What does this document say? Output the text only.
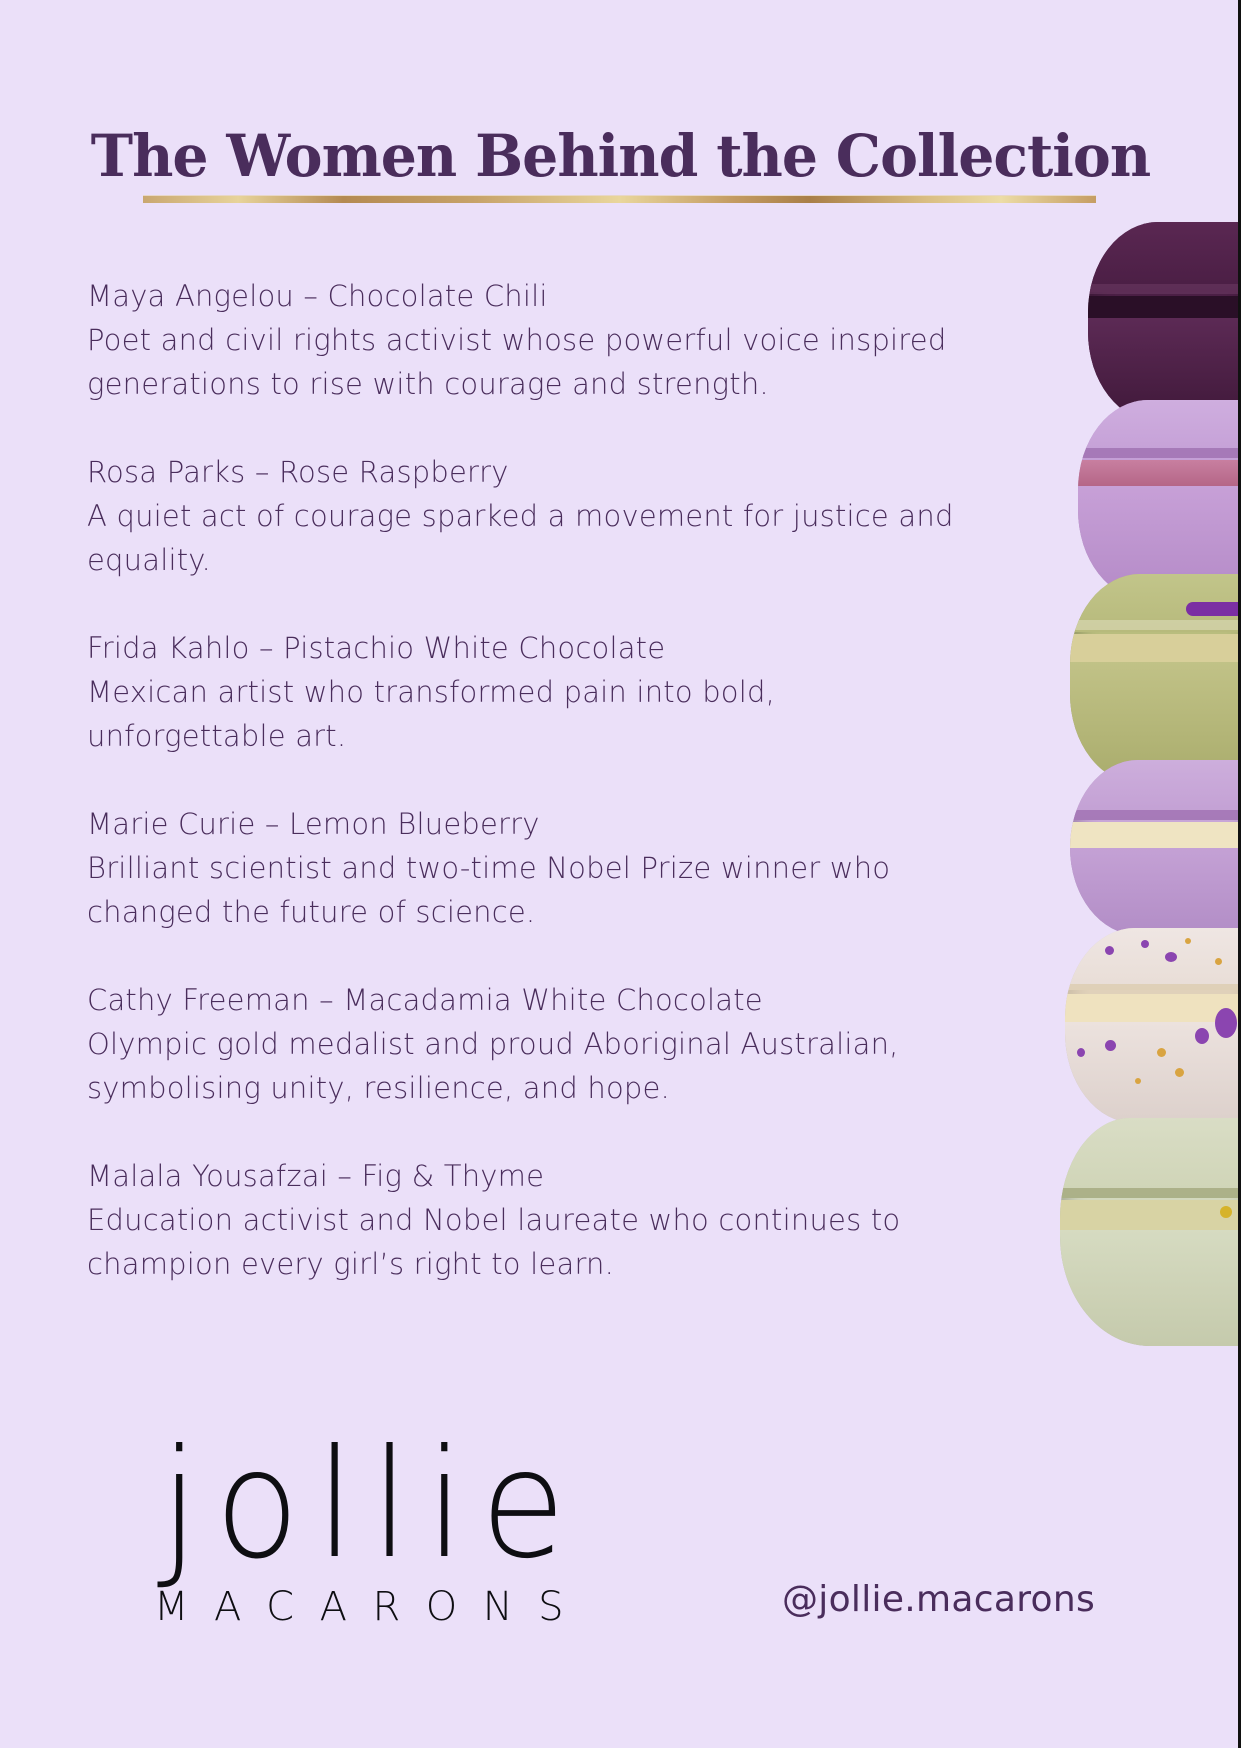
The Women Behind the Collection

Maya Angelou – Chocolate Chili

Poet and civil rights activist whose powerful voice inspired generations to rise with courage and strength.

Rosa Parks – Rose Raspberry

A quiet act of courage sparked a movement for justice and equality.

Frida Kahlo – Pistachio White Chocolate

Mexican artist who transformed pain into bold, unforgettable art.

Marie Curie – Lemon Blueberry

Brilliant scientist and two-time Nobel Prize winner who changed the future of science.

Cathy Freeman – Macadamia White Chocolate

Olympic gold medalist and proud Aboriginal Australian, symbolising unity, resilience, and hope.

Malala Yousafzai – Fig & Thyme

Education activist and Nobel laureate who continues to champion every girl’s right to learn.

jollie
MACARONS	@jollie.macarons
